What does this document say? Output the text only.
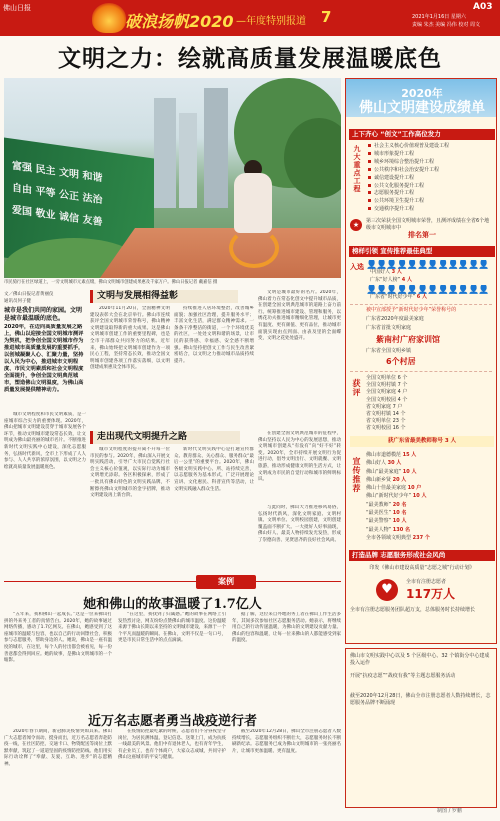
佛山日报
破浪扬帆2020 —年度特别报道 7
A03
2021年1月16日 星期六
责编 朱杰 美编 冯伟 校对 周文
文明之力：绘就高质量发展温暖底色
富强 民主 文明 和谐
自由 平等 公正 法治
爱国 敬业 诚信 友善
市民骑行在社区绿道上，一旁文明城市元素点缀，佛山文明城市创建成果惠及千家万户。佛山日报记者 戴嘉信 摄
文／佛山日报记者黄丽仪
通讯员何子健
城市是我们共同的家园。文明是城市最温暖的底色。
2020年，在迈向高质量发展之路上，佛山以迎接全国文明城市测评为契机，把争创全国文明城市作为推进城市高质量发展的重要抓手，以创城凝聚人心、汇聚力量，坚持以人民为中心，推进城市文明程度、市民文明素质和社会文明程度全面提升，争创全国文明典范城市，塑造佛山文明温度，为佛山高质量发展提供精神动力。
城市文明程度和市民文明素质，是一座城市综合实力的重要体现。2020年，佛山把城市文明建设贯穿于城市发展各个环节，推动文明城市建设常态长效，让文明成为佛山最亮丽的城市名片。不断推进新时代文明实践中心建设，深化志愿服务，弘扬时代新风，全市上下形成了人人参与、人人共享的浓厚氛围，以文明之力绘就高质量发展温暖底色。
文明与发展相得益彰
2020年11月20日，全国精神文明建设表彰大会在北京举行。佛山市连续获评全国文明城市荣誉称号，佛山精神文明建设取得新的重大成果。这是佛山文明城市创建工作的重要里程碑，也是全市干部群众共同努力的结果。近年来，佛山始终把文明城市创建作为一项民心工程，坚持常态长效，推动全国文明城市创建各项工作落实落细，以文明创建成果惠及全体市民。
持续推进人居环境整治，改善城乡面貌；加强社区治理，提升服务水平；丰富文化生活，满足群众精神需求。一条条干净整洁的街道，一个个环境优美的社区，一处处文明和谐的场景，让市民的获得感、幸福感、安全感不断增强。佛山坚持把创文工作与民生改善紧密结合，以文明之力推动城市品质持续提升。
文明是城市最好的名片。2020年，佛山着力在常态化创文中提升城市品质，在创建全国文明典范城市的道路上奋力前行。统筹推进城市建设、管理和服务，以绣花功夫推进城市精细化管理，让城市更有温度、更有颜值、更有品位，推动城市面貌实现由点到面、由表及里的全面蝶变，文明之花处处盛开。
走出现代文明提升之路
城市文明程度的提升离不开每一位市民的参与。2020年，佛山深入开展文明实践活动，引导广大市民自觉践行社会主义核心价值观，以实际行动为城市文明增光添彩。各区积极探索，形成了一批具有佛山特色的文明实践品牌，不断擦亮佛山文明城市的金字招牌，推动文明建设再上新台阶。
新时代文明实践中心是打通宣传群众、教育群众、关心群众、服务群众“最后一公里”的重要平台。2020年，佛山各级文明实践中心、所、站持续完善，以志愿服务为基本形式，广泛开展理论宣讲、文化惠民、科普宣传等活动，让文明实践融入群众生活。
在创建全国文明典范城市的征程中，佛山坚持以人民为中心的发展思想，推动文明城市创建从“有没有”向“好不好”转变。2020年，全市持续开展文明行为促进行动，倡导文明出行、文明就餐、文明旅游，推动形成健康文明的生活方式，让文明成为市民的自觉行动和城市的鲜明标识。
与此同时，佛山大力推进移风易俗，弘扬时代新风，深化文明家庭、文明村镇、文明单位、文明校园创建，文明创建覆盖面不断扩大。一大批好人好事涌现，佛山好人、最美人物持续发光发热，形成了崇德向善、见贤思齐的良好社会风尚。
案例
她和佛山的故事温暖了1.7亿人
“五年来，我和佛山一起成长。”这是一位来佛山打拼的外来务工者的真情告白。2020年，她的故事通过网络传播，感动了1.7亿网友。在佛山，她感受到了这座城市的温暖与包容，也以自己的行动回馈社会，积极参与志愿服务，帮助身边的人。她说，佛山是一座有温度的城市，在这里，每个人的付出都会被看见，每一份善意都会得到回应。她的故事，是佛山文明城市的一个缩影。
“在这里，我找到了归属感。”她的故事在网络上引发热烈讨论，网友纷纷点赞佛山的城市温度。这份温暖来源于佛山长期以来坚持的文明城市建设，来源于一个个平凡而温暖的瞬间。在佛山，文明不仅是一句口号，更是市民日常生活中的点点滴滴。
据了解，这位来自外地的务工者在佛山工作生活多年，其间多次参加社区志愿服务活动。她表示，将继续用自己的行动传递温暖，为佛山的文明建设贡献力量。佛山的包容和温暖，让每一位来佛山的人都能感受到家的温度。
近万名志愿者勇当战疫逆行者
2020年春节期间，新冠肺炎疫情突如其来。佛山广大志愿者闻令而动、挺身而出，近万名志愿者奔赴防疫一线，在社区防控、交通卡口、物资配送等岗位上默默奉献，筑起了一道道坚固的疫情防控防线。他们用实际行动诠释了“奉献、友爱、互助、进步”的志愿精神。
在疫情防控最吃紧的时候，志愿者们不分昼夜坚守岗位，为居民测体温、登记信息、送菜上门，成为抗疫一线最美的风景。他们中有退休老人，也有青年学生，有企业员工，也有个体商户，大家众志成城，共同守护佛山这座城市的平安与健康。
截至2020年12月28日，佛山全市注册志愿者人数持续增长，志愿服务组织不断壮大，志愿服务时长不断刷新纪录。志愿服务已成为佛山文明城市的一张亮丽名片，让城市更加温暖、更有温度。
2020年
佛山文明建设成绩单
上下齐心 “创文”工作高位发力
九大重点工程
社会主义核心价值观普及建设工程
城市形象提升工程
城乡环境综合整治提升工程
公共秩序和社会治安提升工程
诚信建设提升工程
公共文化服务提升工程
志愿服务提升工程
公共环境卫生提升工程
交通秩序提升工程
★	第三次荣获全国文明城市荣誉，且测评成绩在全省6个地级市文明城市中
排名第一
榜样引领 宣传推荐最佳典型
入选 👤👤👤👤👤👤👤👤👤👤👤👤
中国好人 3 人
广东“好人榜” 4 人
👤👤👤👤👤👤👤👤👤👤👤👤
广东省“时代好少年” 6 人
被中宣部授予“新时代好少年”荣誉称号的
广东省2020年度最美家庭
广东省首批文明家庭
紫南村广府家训馆
广东省全国文明乡镇
6个村居
获评
全国文明单位 6 个
全国文明村镇 7 个
全国文明家庭 4 户
全国文明校园 4 个
省文明家庭 7 户
省文明村镇 14 个
省文明单位 23 个
省文明校园 16 个
获广东省最美教师称号 3 人
宣传推荐
佛山市道德模范 15 人
佛山好人 30 人
佛山“最美家庭” 10 人
佛山新乡贤 20 人
佛山十佳最美家庭 10 户
佛山“新时代好少年” 10 人
“最美教师” 20 名
“最美医生” 10 名
“最美警察” 10 人
“最美人物” 130 名
全市各领域文明典型 237 个
打造品牌 志愿服务形成社会风尚
印发《佛山市建设高质量“志愿之城”行动计划》
♥	全市有注册志愿者
117万人
全市有注册志愿服务团队超万支，总体服务时长持续增长
佛山市文明实践中心以及 5 个区级中心、32 个镇街分中心建成投入运作
开展“抗疫志愿”“战疫有我”等主题志愿服务活动
截至2020年12月28日，佛山全市注册志愿者人数持续增长，志愿服务品牌不断涌现
制图 / 罗鹏
